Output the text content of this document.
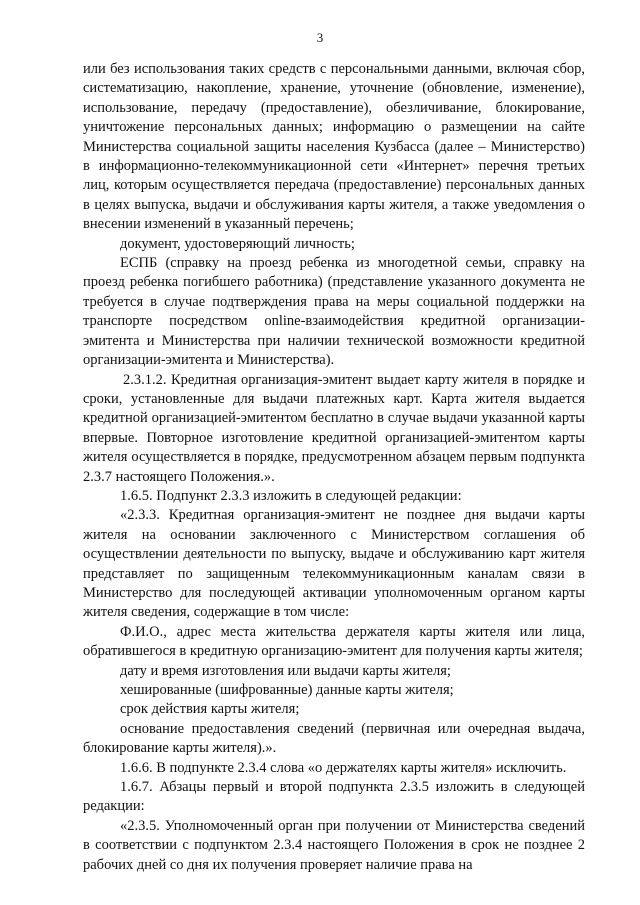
3

или без использования таких средств с персональными данными, включая сбор, систематизацию, накопление, хранение, уточнение (обновление, изменение), использование, передачу (предоставление), обезличивание, блокирование, уничтожение персональных данных; информацию о размещении на сайте Министерства социальной защиты населения Кузбасса (далее – Министерство) в информационно-телекоммуникационной сети «Интернет» перечня третьих лиц, которым осуществляется передача (предоставление) персональных данных в целях выпуска, выдачи и обслуживания карты жителя, а также уведомления о внесении изменений в указанный перечень;

документ, удостоверяющий личность;

ЕСПБ (справку на проезд ребенка из многодетной семьи, справку на проезд ребенка погибшего работника) (представление указанного документа не требуется в случае подтверждения права на меры социальной поддержки на транспорте посредством online-взаимодействия кредитной организации-эмитента и Министерства при наличии технической возможности кредитной организации-эмитента и Министерства).

2.3.1.2. Кредитная организация-эмитент выдает карту жителя в порядке и сроки, установленные для выдачи платежных карт. Карта жителя выдается кредитной организацией-эмитентом бесплатно в случае выдачи указанной карты впервые. Повторное изготовление кредитной организацией-эмитентом карты жителя осуществляется в порядке, предусмотренном абзацем первым подпункта 2.3.7 настоящего Положения.».

1.6.5. Подпункт 2.3.3 изложить в следующей редакции:

«2.3.3. Кредитная организация-эмитент не позднее дня выдачи карты жителя на основании заключенного с Министерством соглашения об осуществлении деятельности по выпуску, выдаче и обслуживанию карт жителя представляет по защищенным телекоммуникационным каналам связи в Министерство для последующей активации уполномоченным органом карты жителя сведения, содержащие в том числе:

Ф.И.О., адрес места жительства держателя карты жителя или лица, обратившегося в кредитную организацию-эмитент для получения карты жителя;

дату и время изготовления или выдачи карты жителя;

хешированные (шифрованные) данные карты жителя;

срок действия карты жителя;

основание предоставления сведений (первичная или очередная выдача, блокирование карты жителя).».

1.6.6. В подпункте 2.3.4 слова «о держателях карты жителя» исключить.

1.6.7. Абзацы первый и второй подпункта 2.3.5 изложить в следующей редакции:

«2.3.5. Уполномоченный орган при получении от Министерства сведений в соответствии с подпунктом 2.3.4 настоящего Положения в срок не позднее 2 рабочих дней со дня их получения проверяет наличие права на
